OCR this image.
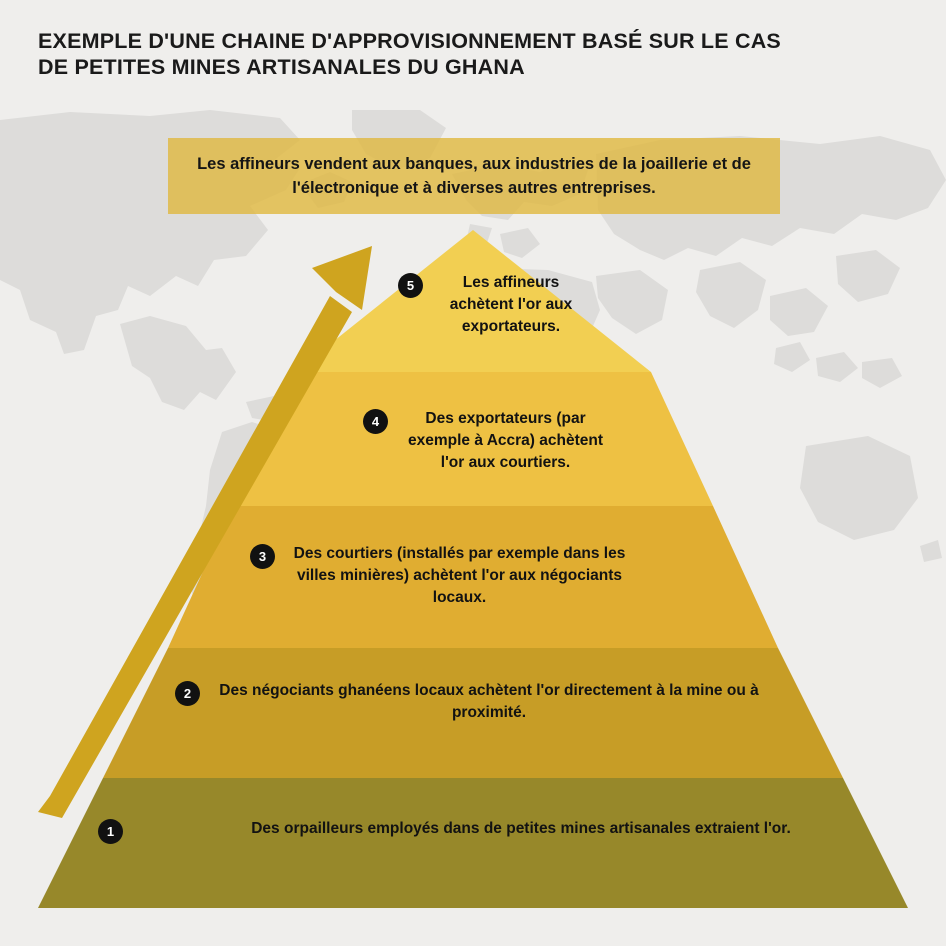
Les affineurs vendent aux banques, aux industries de la joaillerie et de l'électronique et à diverses autres entreprises.
5	Les affineurs achètent l'or aux exportateurs.
4	Des exportateurs (par exemple à Accra) achètent l'or aux courtiers.
3	Des courtiers (installés par exemple dans les villes minières) achètent l'or aux négociants locaux.
2	Des négociants ghanéens locaux achètent l'or directement à la mine ou à proximité.
1	Des orpailleurs employés dans de petites mines artisanales extraient l'or.
EXEMPLE D'UNE CHAINE D'APPROVISIONNEMENT BASÉ SUR LE CAS
DE PETITES MINES ARTISANALES DU GHANA
